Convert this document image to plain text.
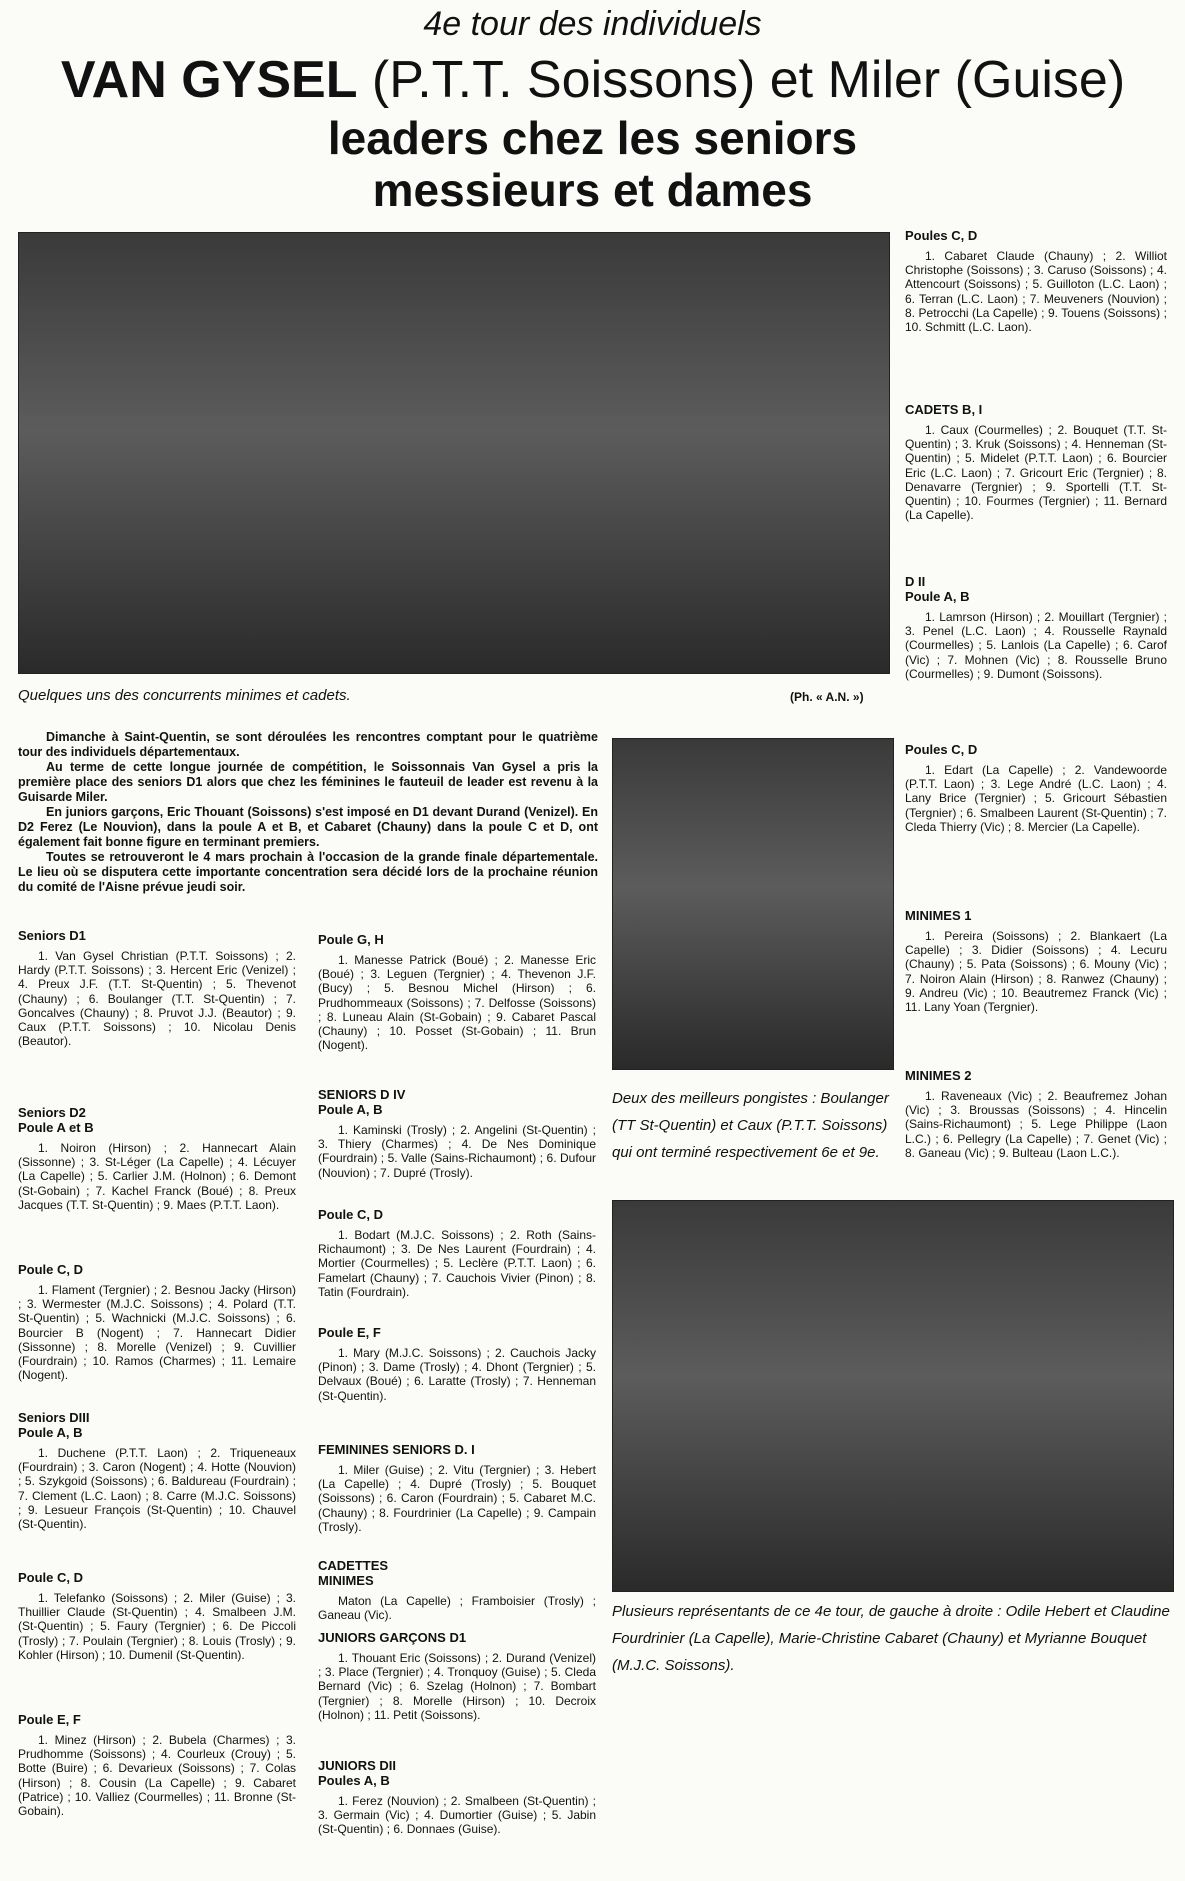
4e tour des individuels
VAN GYSEL (P.T.T. Soissons) et Miler (Guise)
leaders chez les seniors
messieurs et dames
Quelques uns des concurrents minimes et cadets.	(Ph. « A.N. »)

Dimanche à Saint-Quentin, se sont déroulées les rencontres comptant pour le quatrième tour des individuels départementaux.

Au terme de cette longue journée de compétition, le Soissonnais Van Gysel a pris la première place des seniors D1 alors que chez les féminines le fauteuil de leader est revenu à la Guisarde Miler.

En juniors garçons, Eric Thouant (Soissons) s'est imposé en D1 devant Durand (Venizel). En D2 Ferez (Le Nouvion), dans la poule A et B, et Cabaret (Chauny) dans la poule C et D, ont également fait bonne figure en terminant premiers.

Toutes se retrouveront le 4 mars prochain à l'occasion de la grande finale départementale. Le lieu où se disputera cette importante concentration sera décidé lors de la prochaine réunion du comité de l'Aisne prévue jeudi soir.

Deux des meilleurs pongistes : Boulanger (TT St-Quentin) et Caux (P.T.T. Soissons) qui ont terminé respectivement 6e et 9e.
Plusieurs représentants de ce 4e tour, de gauche à droite : Odile Hebert et Claudine Fourdrinier (La Capelle), Marie-Christine Cabaret (Chauny) et Myrianne Bouquet (M.J.C. Soissons).
Seniors D1
1. Van Gysel Christian (P.T.T. Soissons) ; 2. Hardy (P.T.T. Soissons) ; 3. Hercent Eric (Venizel) ; 4. Preux J.F. (T.T. St-Quentin) ; 5. Thevenot (Chauny) ; 6. Boulanger (T.T. St-Quentin) ; 7. Goncalves (Chauny) ; 8. Pruvot J.J. (Beautor) ; 9. Caux (P.T.T. Soissons) ; 10. Nicolau Denis (Beautor).
Seniors D2
Poule A et B
1. Noiron (Hirson) ; 2. Hannecart Alain (Sissonne) ; 3. St-Léger (La Capelle) ; 4. Lécuyer (La Capelle) ; 5. Carlier J.M. (Holnon) ; 6. Demont (St-Gobain) ; 7. Kachel Franck (Boué) ; 8. Preux Jacques (T.T. St-Quentin) ; 9. Maes (P.T.T. Laon).
Poule C, D
1. Flament (Tergnier) ; 2. Besnou Jacky (Hirson) ; 3. Wermester (M.J.C. Soissons) ; 4. Polard (T.T. St-Quentin) ; 5. Wachnicki (M.J.C. Soissons) ; 6. Bourcier B (Nogent) ; 7. Hannecart Didier (Sissonne) ; 8. Morelle (Venizel) ; 9. Cuvillier (Fourdrain) ; 10. Ramos (Charmes) ; 11. Lemaire (Nogent).
Seniors DIII
Poule A, B
1. Duchene (P.T.T. Laon) ; 2. Triqueneaux (Fourdrain) ; 3. Caron (Nogent) ; 4. Hotte (Nouvion) ; 5. Szykgoid (Soissons) ; 6. Baldureau (Fourdrain) ; 7. Clement (L.C. Laon) ; 8. Carre (M.J.C. Soissons) ; 9. Lesueur François (St-Quentin) ; 10. Chauvel (St-Quentin).
Poule C, D
1. Telefanko (Soissons) ; 2. Miler (Guise) ; 3. Thuillier Claude (St-Quentin) ; 4. Smalbeen J.M. (St-Quentin) ; 5. Faury (Tergnier) ; 6. De Piccoli (Trosly) ; 7. Poulain (Tergnier) ; 8. Louis (Trosly) ; 9. Kohler (Hirson) ; 10. Dumenil (St-Quentin).
Poule E, F
1. Minez (Hirson) ; 2. Bubela (Charmes) ; 3. Prudhomme (Soissons) ; 4. Courleux (Crouy) ; 5. Botte (Buire) ; 6. Devarieux (Soissons) ; 7. Colas (Hirson) ; 8. Cousin (La Capelle) ; 9. Cabaret (Patrice) ; 10. Valliez (Courmelles) ; 11. Bronne (St-Gobain).
Poule G, H
1. Manesse Patrick (Boué) ; 2. Manesse Eric (Boué) ; 3. Leguen (Tergnier) ; 4. Thevenon J.F. (Bucy) ; 5. Besnou Michel (Hirson) ; 6. Prudhommeaux (Soissons) ; 7. Delfosse (Soissons) ; 8. Luneau Alain (St-Gobain) ; 9. Cabaret Pascal (Chauny) ; 10. Posset (St-Gobain) ; 11. Brun (Nogent).
SENIORS D IV
Poule A, B
1. Kaminski (Trosly) ; 2. Angelini (St-Quentin) ; 3. Thiery (Charmes) ; 4. De Nes Dominique (Fourdrain) ; 5. Valle (Sains-Richaumont) ; 6. Dufour (Nouvion) ; 7. Dupré (Trosly).
Poule C, D
1. Bodart (M.J.C. Soissons) ; 2. Roth (Sains-Richaumont) ; 3. De Nes Laurent (Fourdrain) ; 4. Mortier (Courmelles) ; 5. Leclère (P.T.T. Laon) ; 6. Famelart (Chauny) ; 7. Cauchois Vivier (Pinon) ; 8. Tatin (Fourdrain).
Poule E, F
1. Mary (M.J.C. Soissons) ; 2. Cauchois Jacky (Pinon) ; 3. Dame (Trosly) ; 4. Dhont (Tergnier) ; 5. Delvaux (Boué) ; 6. Laratte (Trosly) ; 7. Henneman (St-Quentin).
FEMININES SENIORS D. I
1. Miler (Guise) ; 2. Vitu (Tergnier) ; 3. Hebert (La Capelle) ; 4. Dupré (Trosly) ; 5. Bouquet (Soissons) ; 6. Caron (Fourdrain) ; 5. Cabaret M.C. (Chauny) ; 8. Fourdrinier (La Capelle) ; 9. Campain (Trosly).
CADETTES
MINIMES
Maton (La Capelle) ; Framboisier (Trosly) ; Ganeau (Vic).
JUNIORS GARÇONS D1
1. Thouant Eric (Soissons) ; 2. Durand (Venizel) ; 3. Place (Tergnier) ; 4. Tronquoy (Guise) ; 5. Cleda Bernard (Vic) ; 6. Szelag (Holnon) ; 7. Bombart (Tergnier) ; 8. Morelle (Hirson) ; 10. Decroix (Holnon) ; 11. Petit (Soissons).
JUNIORS DII
Poules A, B
1. Ferez (Nouvion) ; 2. Smalbeen (St-Quentin) ; 3. Germain (Vic) ; 4. Dumortier (Guise) ; 5. Jabin (St-Quentin) ; 6. Donnaes (Guise).
Poules C, D
1. Cabaret Claude (Chauny) ; 2. Williot Christophe (Soissons) ; 3. Caruso (Soissons) ; 4. Attencourt (Soissons) ; 5. Guilloton (L.C. Laon) ; 6. Terran (L.C. Laon) ; 7. Meuveners (Nouvion) ; 8. Petrocchi (La Capelle) ; 9. Touens (Soissons) ; 10. Schmitt (L.C. Laon).
CADETS B, I
1. Caux (Courmelles) ; 2. Bouquet (T.T. St-Quentin) ; 3. Kruk (Soissons) ; 4. Henneman (St-Quentin) ; 5. Midelet (P.T.T. Laon) ; 6. Bourcier Eric (L.C. Laon) ; 7. Gricourt Eric (Tergnier) ; 8. Denavarre (Tergnier) ; 9. Sportelli (T.T. St-Quentin) ; 10. Fourmes (Tergnier) ; 11. Bernard (La Capelle).
D II
Poule A, B
1. Lamrson (Hirson) ; 2. Mouillart (Tergnier) ; 3. Penel (L.C. Laon) ; 4. Rousselle Raynald (Courmelles) ; 5. Lanlois (La Capelle) ; 6. Carof (Vic) ; 7. Mohnen (Vic) ; 8. Rousselle Bruno (Courmelles) ; 9. Dumont (Soissons).
Poules C, D
1. Edart (La Capelle) ; 2. Vandewoorde (P.T.T. Laon) ; 3. Lege André (L.C. Laon) ; 4. Lany Brice (Tergnier) ; 5. Gricourt Sébastien (Tergnier) ; 6. Smalbeen Laurent (St-Quentin) ; 7. Cleda Thierry (Vic) ; 8. Mercier (La Capelle).
MINIMES 1
1. Pereira (Soissons) ; 2. Blankaert (La Capelle) ; 3. Didier (Soissons) ; 4. Lecuru (Chauny) ; 5. Pata (Soissons) ; 6. Mouny (Vic) ; 7. Noiron Alain (Hirson) ; 8. Ranwez (Chauny) ; 9. Andreu (Vic) ; 10. Beautremez Franck (Vic) ; 11. Lany Yoan (Tergnier).
MINIMES 2
1. Raveneaux (Vic) ; 2. Beaufremez Johan (Vic) ; 3. Broussas (Soissons) ; 4. Hincelin (Sains-Richaumont) ; 5. Lege Philippe (Laon L.C.) ; 6. Pellegry (La Capelle) ; 7. Genet (Vic) ; 8. Ganeau (Vic) ; 9. Bulteau (Laon L.C.).
